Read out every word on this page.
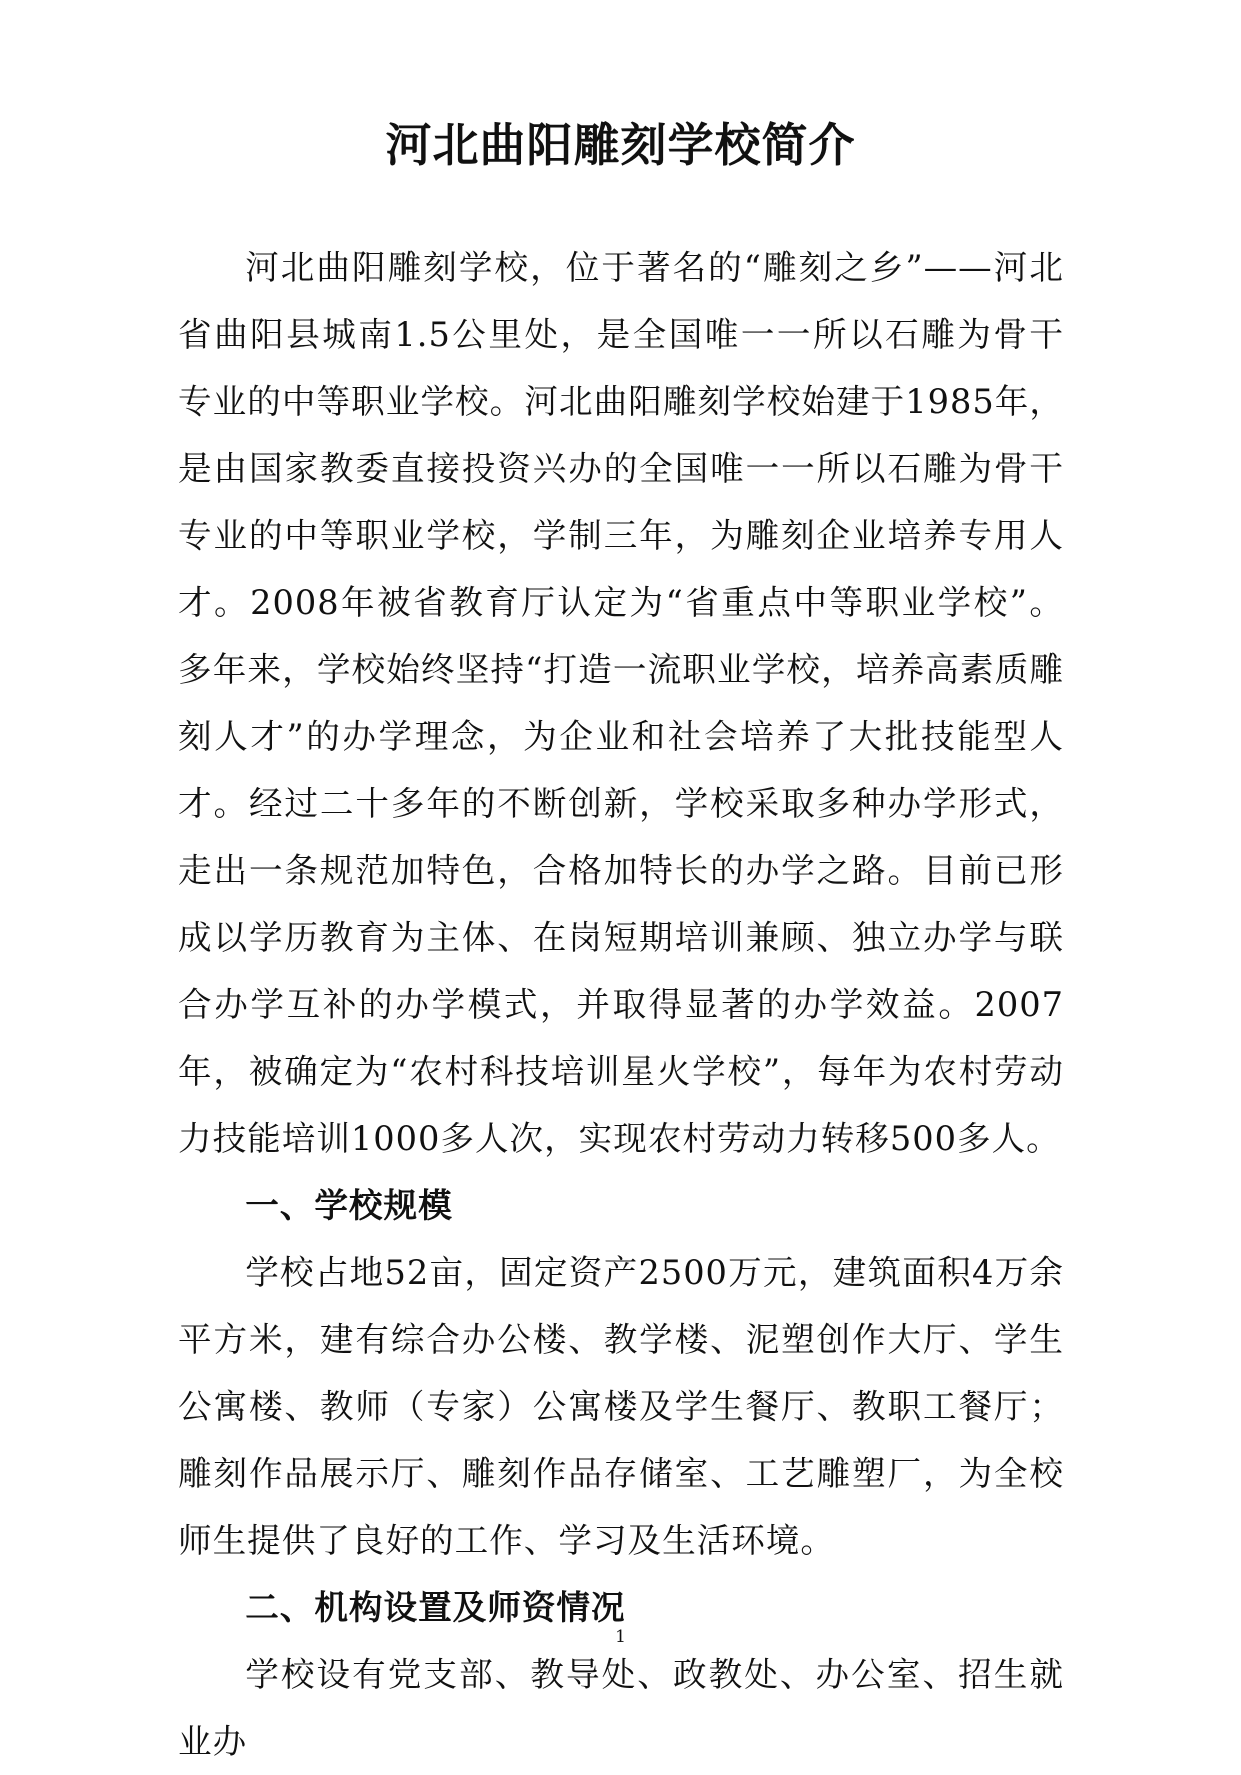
河北曲阳雕刻学校简介

河北曲阳雕刻学校，位于著名的“雕刻之乡”——河北省曲阳县城南1.5公里处，是全国唯一一所以石雕为骨干专业的中等职业学校。河北曲阳雕刻学校始建于1985年，是由国家教委直接投资兴办的全国唯一一所以石雕为骨干专业的中等职业学校，学制三年，为雕刻企业培养专用人才。2008年被省教育厅认定为“省重点中等职业学校”。多年来，学校始终坚持“打造一流职业学校，培养高素质雕刻人才”的办学理念，为企业和社会培养了大批技能型人才。经过二十多年的不断创新，学校采取多种办学形式，走出一条规范加特色，合格加特长的办学之路。目前已形成以学历教育为主体、在岗短期培训兼顾、独立办学与联合办学互补的办学模式，并取得显著的办学效益。2007年，被确定为“农村科技培训星火学校”，每年为农村劳动力技能培训1000多人次，实现农村劳动力转移500多人。

一、学校规模

学校占地52亩，固定资产2500万元，建筑面积4万余平方米，建有综合办公楼、教学楼、泥塑创作大厅、学生公寓楼、教师（专家）公寓楼及学生餐厅、教职工餐厅；雕刻作品展示厅、雕刻作品存储室、工艺雕塑厂，为全校师生提供了良好的工作、学习及生活环境。

二、机构设置及师资情况

学校设有党支部、教导处、政教处、办公室、招生就业办

1
